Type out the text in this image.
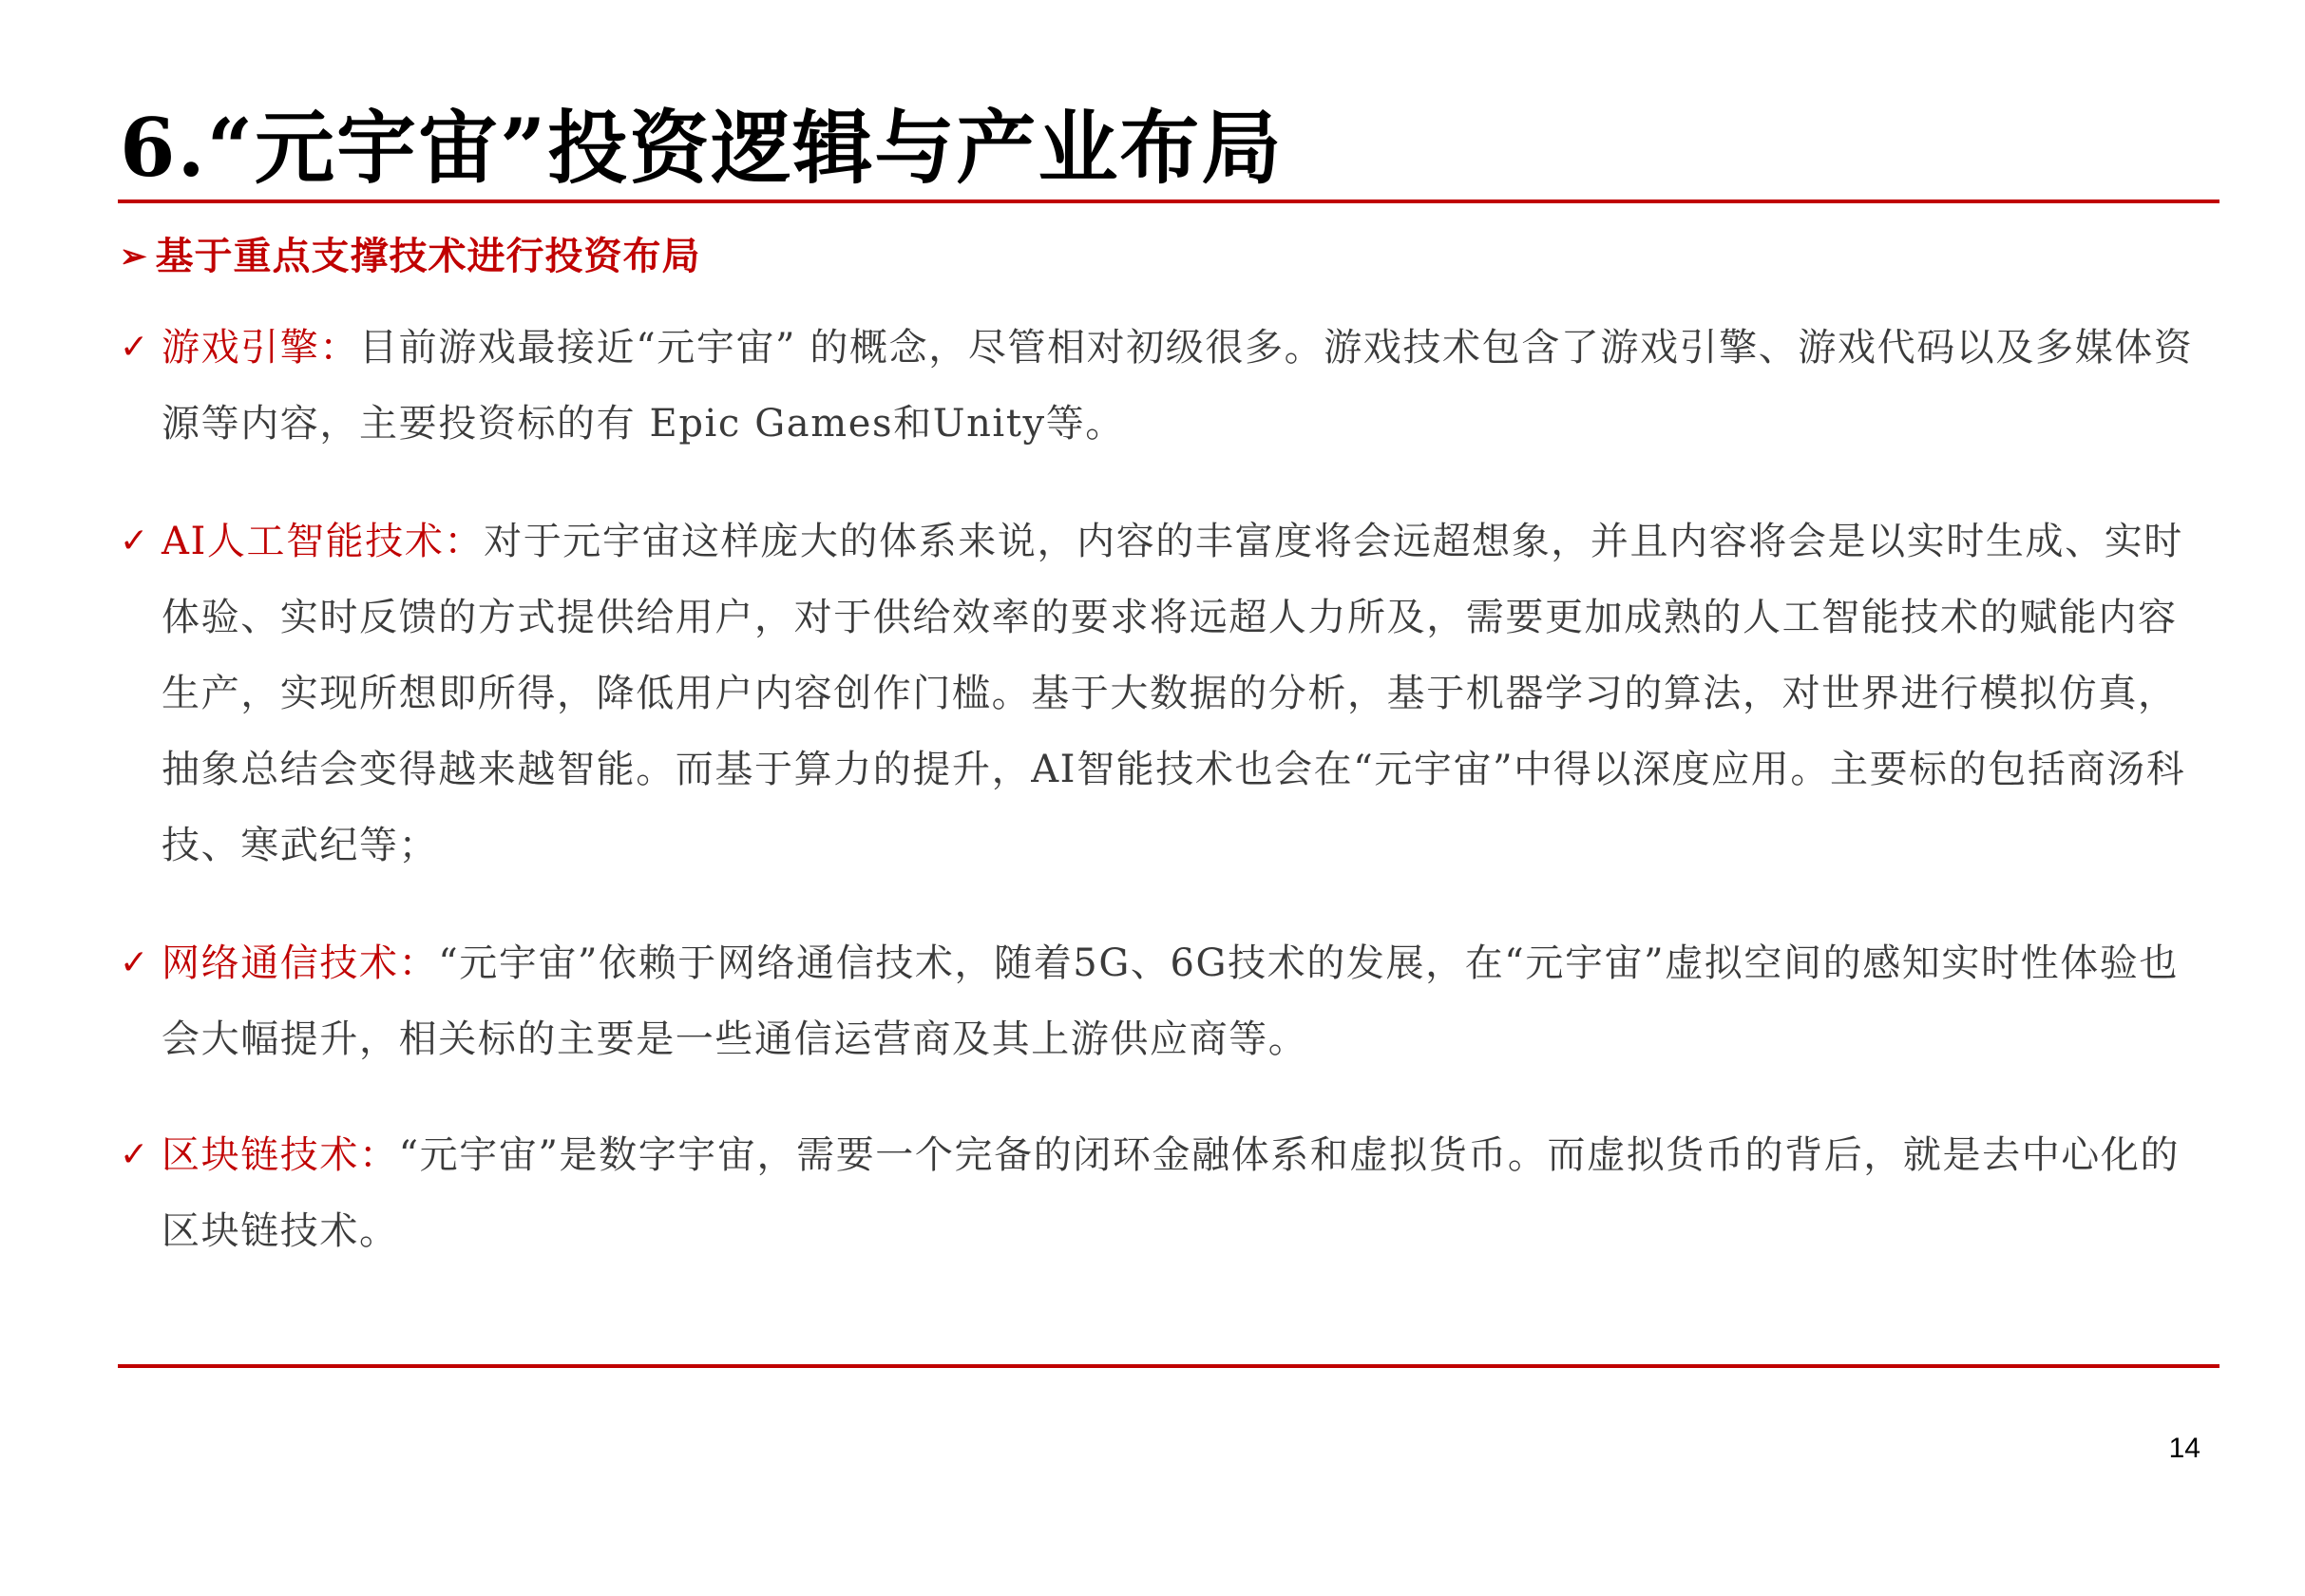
6.“元宇宙”投资逻辑与产业布局
➢ 基于重点支撑技术进行投资布局
✓ 游戏引擎：目前游戏最接近“元宇宙” 的概念，尽管相对初级很多。游戏技术包含了游戏引擎、游戏代码以及多媒体资源等内容，主要投资标的有 Epic Games和Unity等。

✓ AI人工智能技术：对于元宇宙这样庞大的体系来说，内容的丰富度将会远超想象，并且内容将会是以实时生成、实时体验、实时反馈的方式提供给用户，对于供给效率的要求将远超人力所及，需要更加成熟的人工智能技术的赋能内容生产，实现所想即所得，降低用户内容创作门槛。基于大数据的分析，基于机器学习的算法，对世界进行模拟仿真，抽象总结会变得越来越智能。而基于算力的提升，AI智能技术也会在“元宇宙”中得以深度应用。主要标的包括商汤科技、寒武纪等；

✓ 网络通信技术：“元宇宙”依赖于网络通信技术，随着5G、6G技术的发展，在“元宇宙”虚拟空间的感知实时性体验也会大幅提升，相关标的主要是一些通信运营商及其上游供应商等。

✓ 区块链技术：“元宇宙”是数字宇宙，需要一个完备的闭环金融体系和虚拟货币。而虚拟货币的背后，就是去中心化的区块链技术。

14
